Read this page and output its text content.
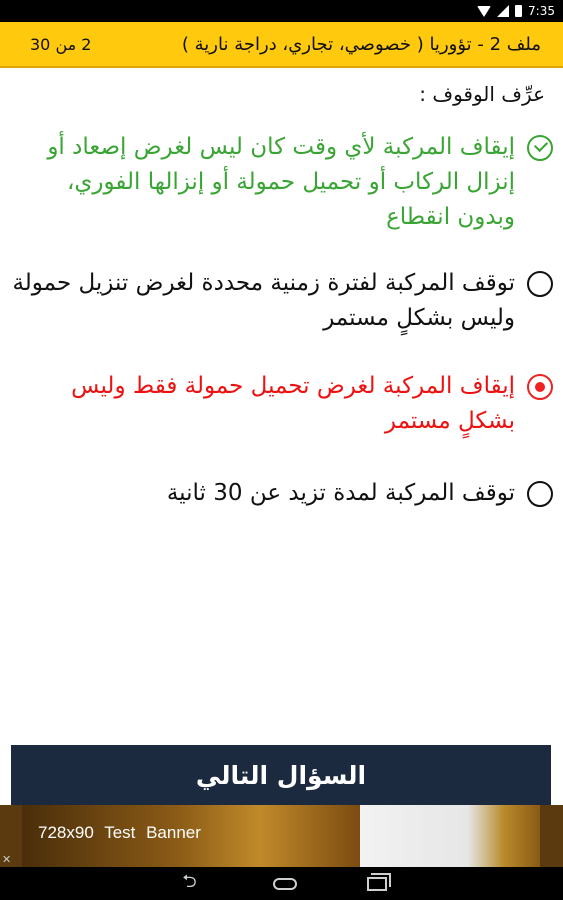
7:35
2 من 30	ملف 2 - تؤوريا ( خصوصي، تجاري، دراجة نارية )
عرِّف الوقوف :
إيقاف المركبة لأي وقت كان ليس لغرض إصعاد أو إنزال الركاب أو تحميل حمولة أو إنزالها الفوري، وبدون انقطاع
توقف المركبة لفترة زمنية محددة لغرض تنزيل حمولة وليس بشكلٍ مستمر
إيقاف المركبة لغرض تحميل حمولة فقط وليس بشكلٍ مستمر
توقف المركبة لمدة تزيد عن 30 ثانية
السؤال التالي
728x90 Test Banner
✕
⮌
